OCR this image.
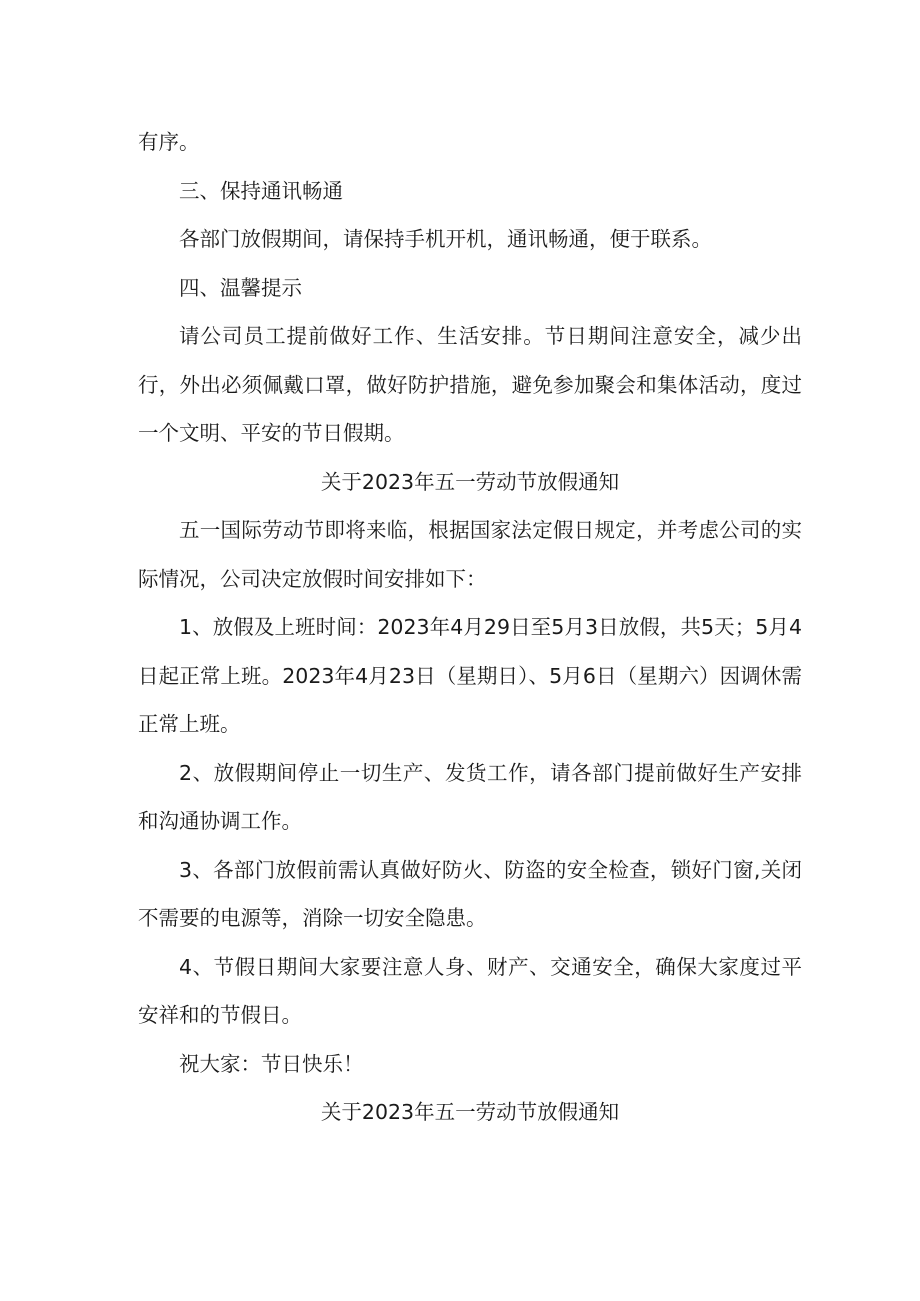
有序。

三、保持通讯畅通

各部门放假期间，请保持手机开机，通讯畅通，便于联系。

四、温馨提示

请公司员工提前做好工作、生活安排。节日期间注意安全，减少出行，外出必须佩戴口罩，做好防护措施，避免参加聚会和集体活动，度过一个文明、平安的节日假期。

关于2023年五一劳动节放假通知

五一国际劳动节即将来临，根据国家法定假日规定，并考虑公司的实际情况，公司决定放假时间安排如下：

1、放假及上班时间：2023年4月29日至5月3日放假，共5天；5月4日起正常上班。2023年4月23日（星期日）、5月6日（星期六）因调休需正常上班。

2、放假期间停止一切生产、发货工作，请各部门提前做好生产安排和沟通协调工作。

3、各部门放假前需认真做好防火、防盗的安全检查，锁好门窗,关闭不需要的电源等，消除一切安全隐患。

4、节假日期间大家要注意人身、财产、交通安全，确保大家度过平安祥和的节假日。

祝大家：节日快乐！

关于2023年五一劳动节放假通知
